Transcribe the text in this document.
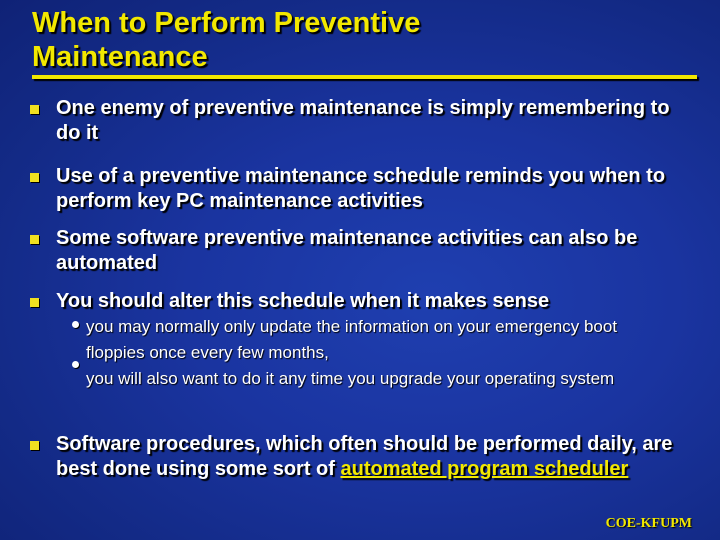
When to Perform Preventive Maintenance
One enemy of preventive maintenance is simply remembering to do it
Use of a preventive maintenance schedule reminds you when to perform key PC maintenance activities
Some software preventive maintenance activities can also be automated
You should alter this schedule when it makes sense
you may normally only update the information on your emergency boot floppies once every few months,
you will also want to do it any time you upgrade your operating system
Software procedures, which often should be performed daily, are best done using some sort of automated program scheduler
COE-KFUPM
